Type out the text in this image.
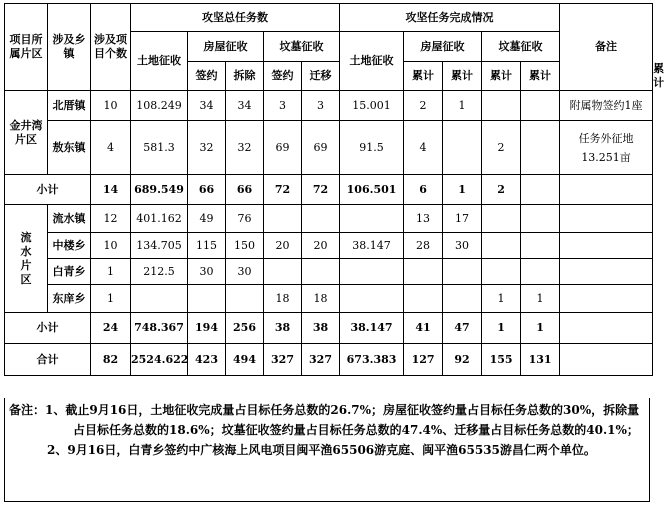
项目所属片区	涉及乡镇	涉及项目个数	攻坚总任务数					攻坚任务完成情况					备注	
			土地征收	房屋征收		坟墓征收		土地征收	房屋征收		坟墓征收			
				签约	拆除	签约	迁移		累计	累计	累计	累计		累计
金井湾片区	北厝镇	10	108.249	34	34	3	3	15.001	2	1			附属物签约1座	
	敖东镇	4	581.3	32	32	69	69	91.5	4		2		任务外征地13.251亩	
小计		14	689.549	66	66	72	72	106.501	6	1	2			
流水片区	流水镇	12	401.162	49	76				13	17				
	中楼乡	10	134.705	115	150	20	20	38.147	28	30				
	白青乡	1	212.5	30	30									
	东庠乡	1				18	18				1	1		
小计		24	748.367	194	256	38	38	38.147	41	47	1	1		
合计		82	2524.622	423	494	327	327	673.383	127	92	155	131		
备注：1、截止9月16日，土地征收完成量占目标任务总数的26.7%；房屋征收签约量占目标任务总数的30%，拆除量占目标任务总数的18.6%；坟墓征收签约量占目标任务总数的47.4%、迁移量占目标任务总数的40.1%；
2、9月16日，白青乡签约中广核海上风电项目闽平渔65506游克庭、闽平渔65535游昌仁两个单位。
